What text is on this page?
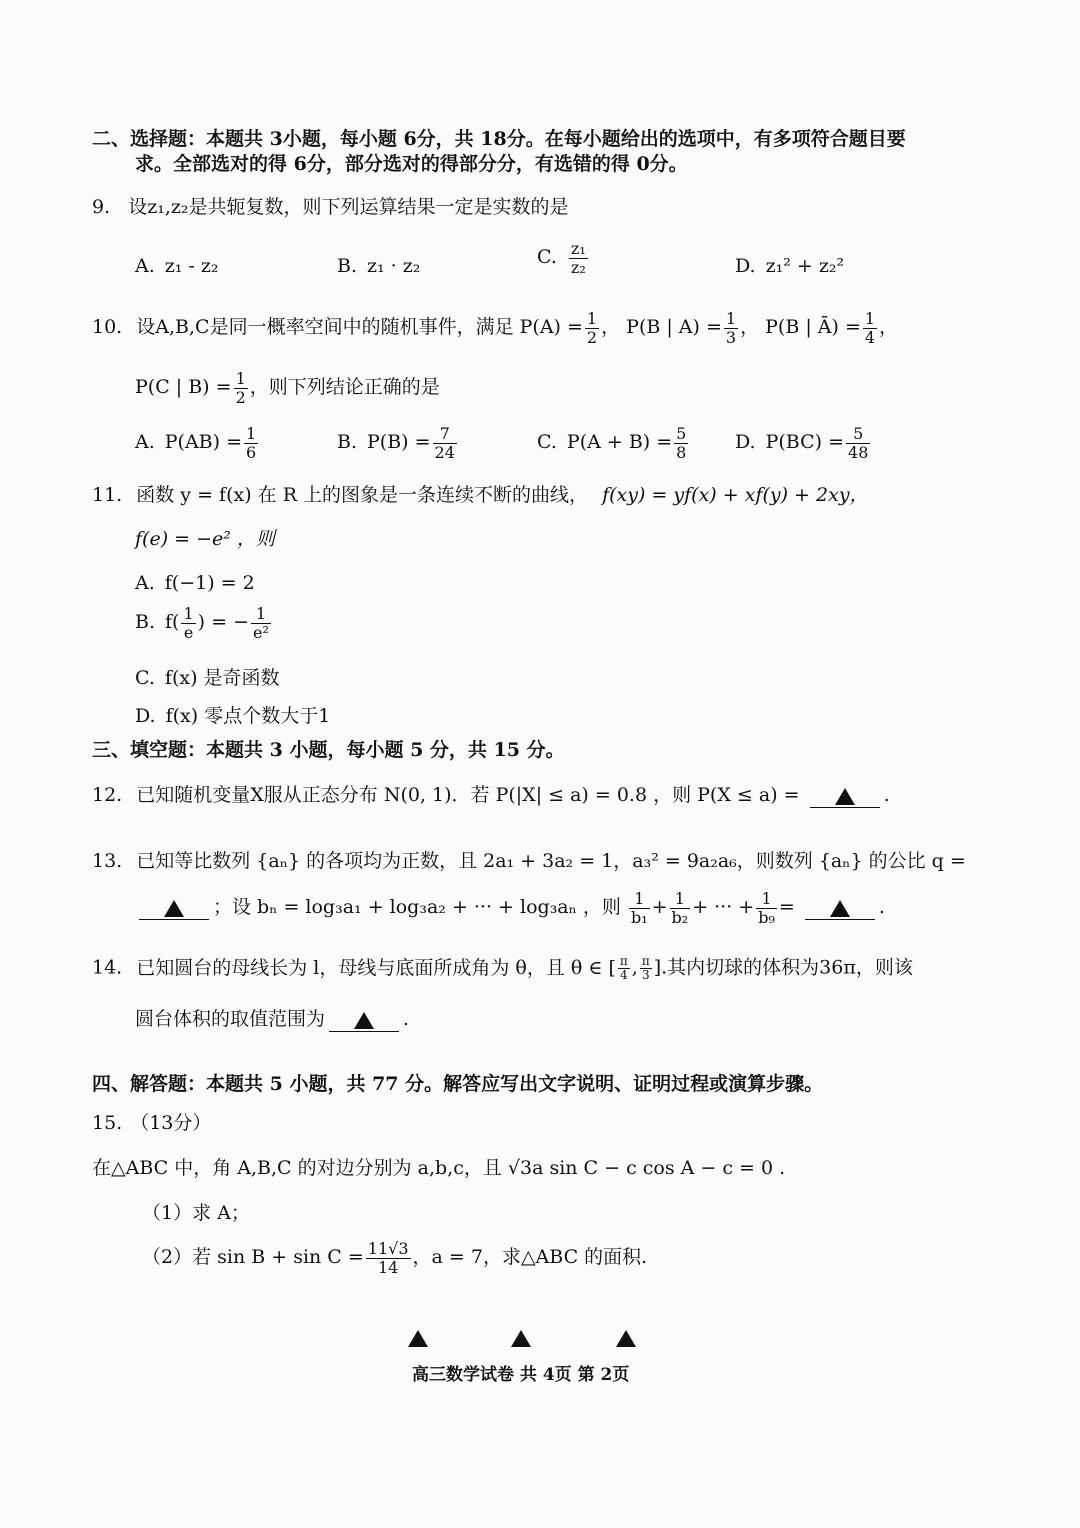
二、选择题：本题共 3小题，每小题 6分，共 18分。在每小题给出的选项中，有多项符合题目要
求。全部选对的得 6分，部分选对的得部分分，有选错的得 0分。
9. 设z₁,z₂是共轭复数，则下列运算结果一定是实数的是
A. z₁ - z₂	B. z₁ · z₂	C. $\frac{\text{z₁}}{\text{z₂}}$	D. z₁² + z₂²
10. 设A,B,C是同一概率空间中的随机事件，满足 $P(A) = \frac{1}{2}$ ， P(B | $A) = \frac{1}{3}$ ， P(B | Ā) = $\frac{1}{4}$ ，
P(C | $B) = \frac{1}{2}$ ，则下列结论正确的是
A. $P(AB) = \frac{1}{6}$	B. $P(B) = \frac{7}{24}$	C. $P(A + B) = \frac{5}{8} D$. $P(BC) = \frac{5}{48}$
11. 函数 y = f(x) 在 R 上的图象是一条连续不断的曲线， f(xy) = yf(x) + xf(y) + 2xy，
f(e) = −e² ，则
A. f(−1) = 2
B. $f( \frac{1}{e}$ ) = − $\frac{1}{\text{e²}}$
C. f(x) 是奇函数
D. f(x) 零点个数大于1
三、填空题：本题共 3 小题，每小题 5 分，共 15 分。
12. 已知随机变量X服从正态分布 N(0, 1)．若 P(|X| ≤ a) = 0.8 ，则 P(X ≤ a) =	.
13. 已知等比数列 {aₙ} 的各项均为正数，且 2a₁ + 3a₂ = 1，a₃² = 9a₂a₆，则数列 {aₙ} 的公比 q =
；设 bₙ = log₃a₁ + log₃a₂ + ··· + log₃aₙ ，则 $\frac{1}{\text{b₁}} + \frac{1}{\text{b₂}}$ + ··· + $\frac{1}{\text{b₉}}$ =	.
14. 已知圆台的母线长为 l，母线与底面所成角为 θ，且 θ ∈ [ $\frac{\pi}{4}$ , $\frac{\pi}{3}$ ].其内切球的体积为36π，则该
圆台体积的取值范围为	.
四、解答题：本题共 5 小题，共 77 分。解答应写出文字说明、证明过程或演算步骤。
15. （13分）
在△ABC 中，角 A,B,C 的对边分别为 a,b,c，且 √3a sin C − c cos A − c = 0 .
（1）求 A；
（2）若 $\sin B + \sin C = \frac{11√3}{14}$ ，a = 7，求△ABC 的面积.
高三数学试卷 共 4页 第 2页
